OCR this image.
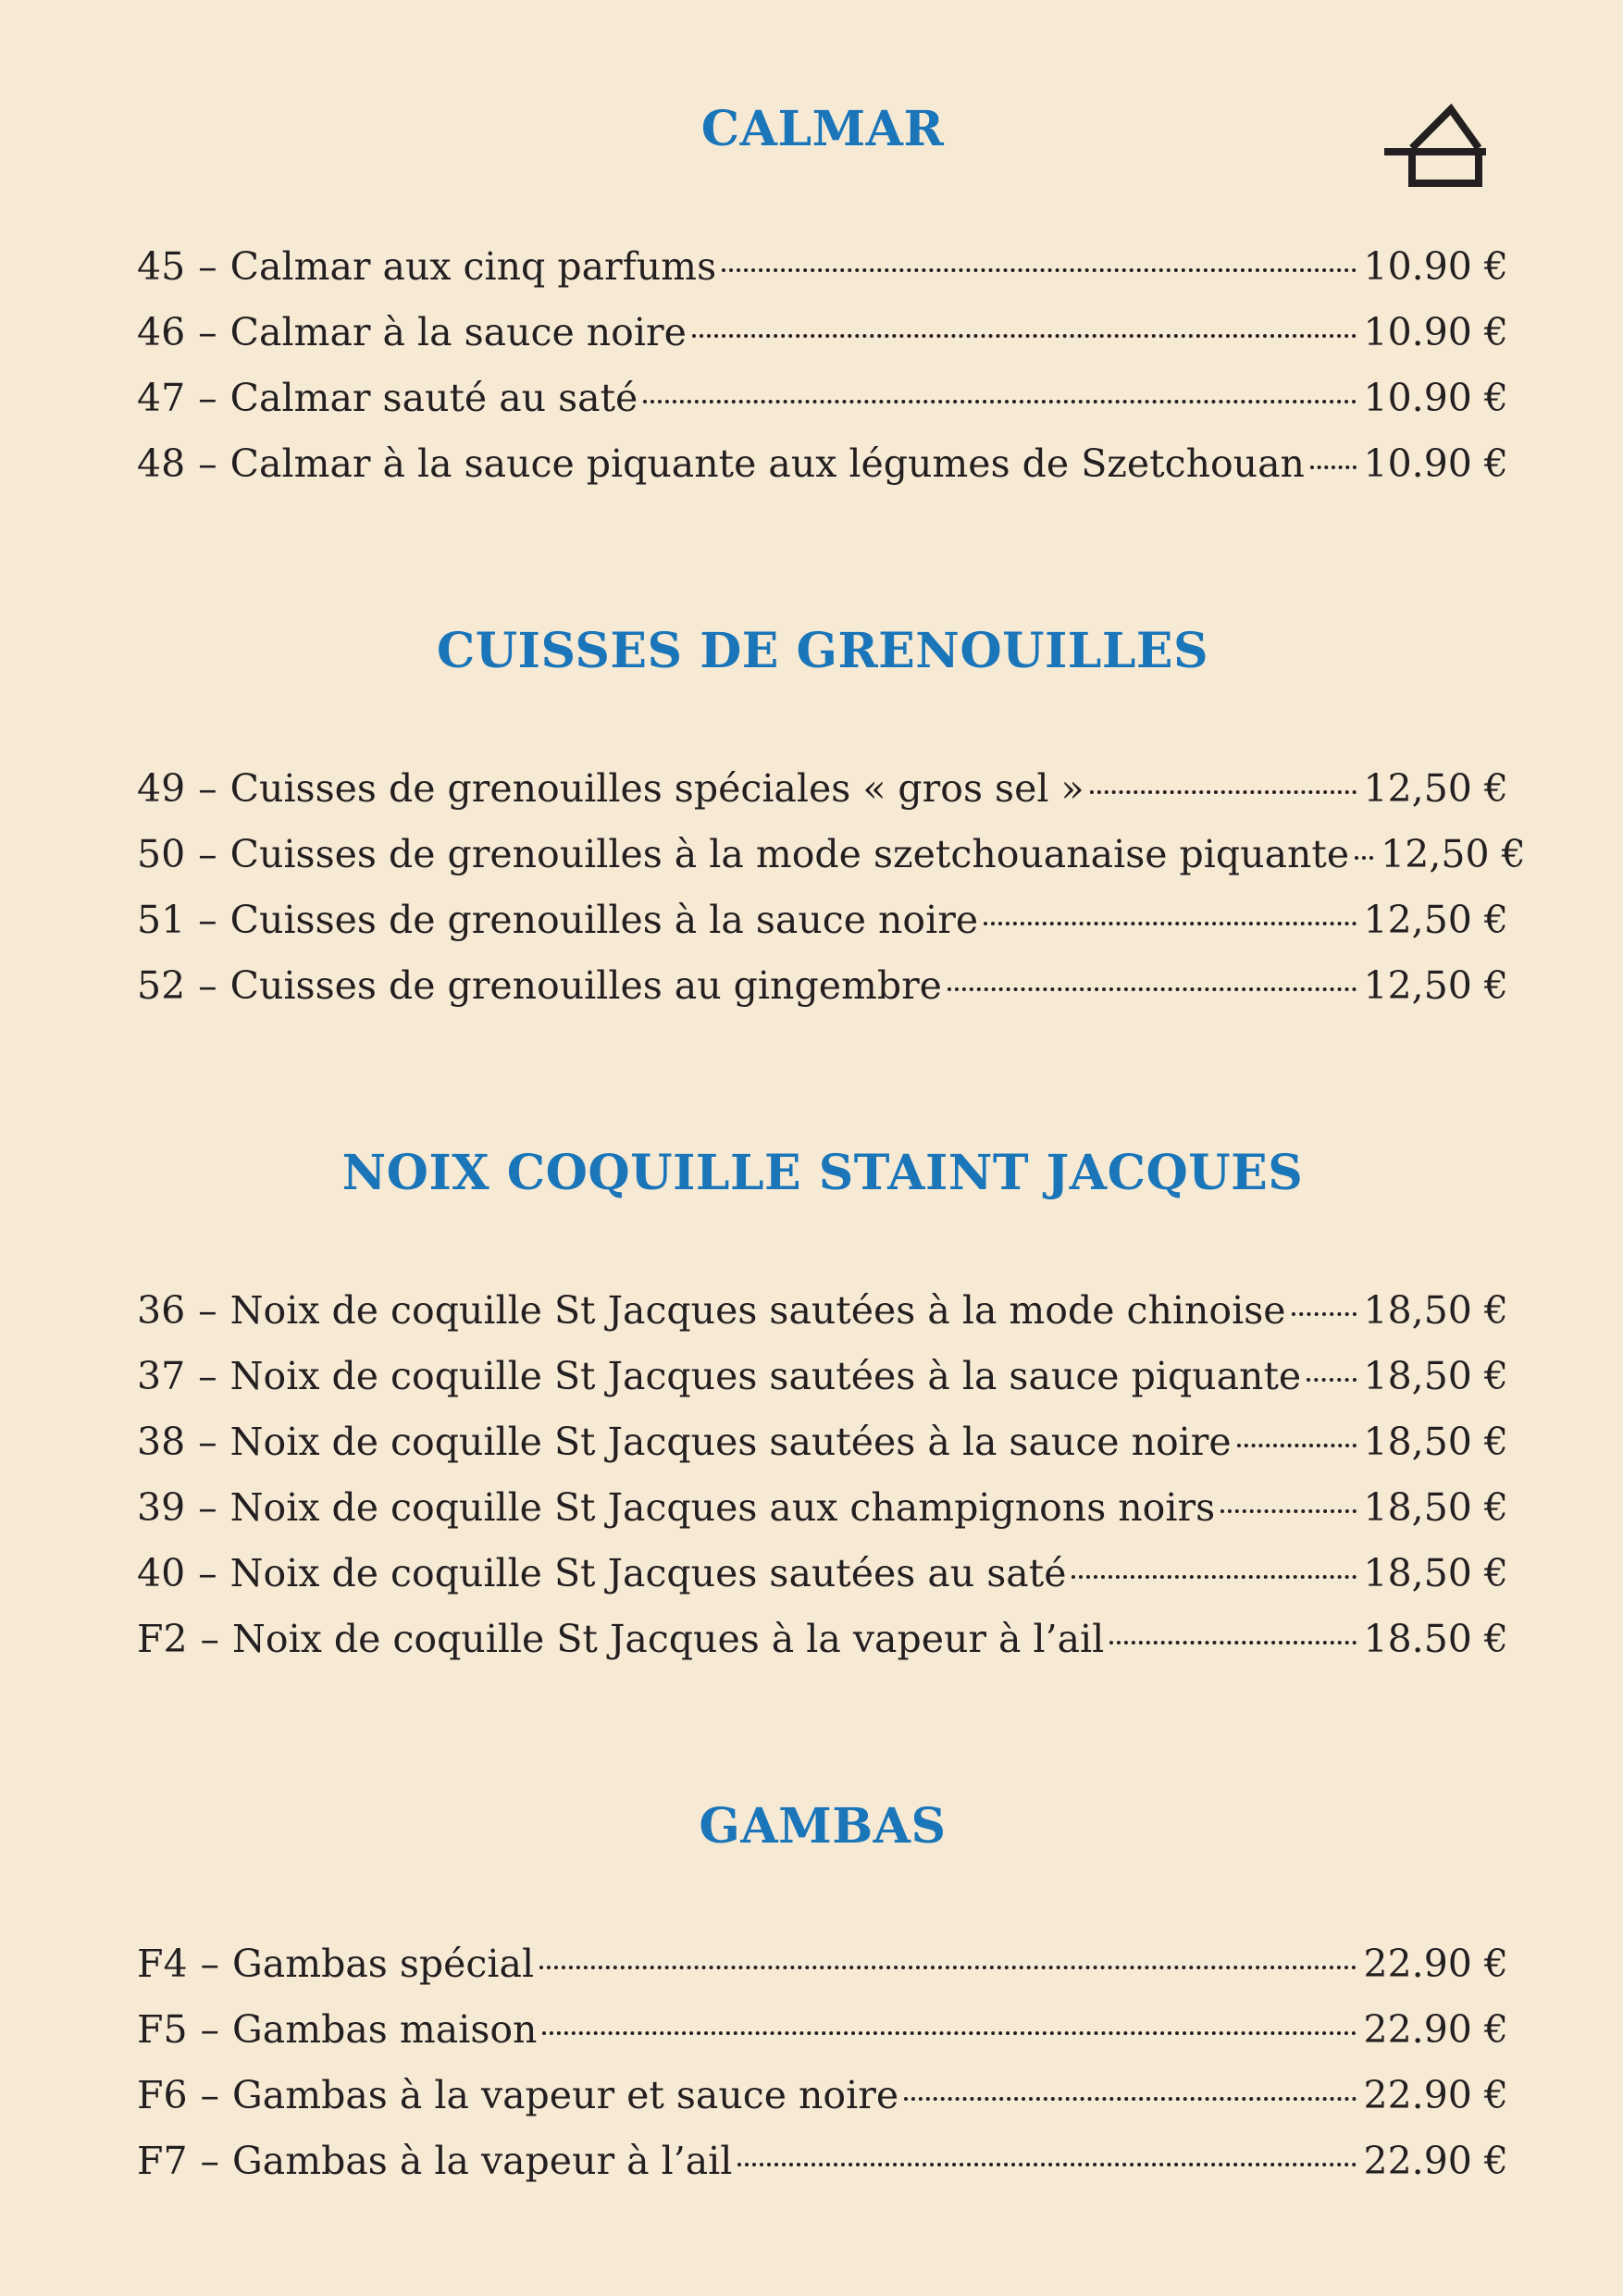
CALMAR
45 – Calmar aux cinq parfums	10.90 €
46 – Calmar à la sauce noire	10.90 €
47 – Calmar sauté au saté	10.90 €
48 – Calmar à la sauce piquante aux légumes de Szetchouan 10.90 €
CUISSES DE GRENOUILLES
49 – Cuisses de grenouilles spéciales « gros sel »	12,50 €
50 – Cuisses de grenouilles à la mode szetchouanaise piquante 12,50 €
51 – Cuisses de grenouilles à la sauce noire	12,50 €
52 – Cuisses de grenouilles au gingembre	12,50 €
NOIX COQUILLE STAINT JACQUES
36 – Noix de coquille St Jacques sautées à la mode chinoise 18,50 €
37 – Noix de coquille St Jacques sautées à la sauce piquante 18,50 €
38 – Noix de coquille St Jacques sautées à la sauce noire	18,50 €
39 – Noix de coquille St Jacques aux champignons noirs	18,50 €
40 – Noix de coquille St Jacques sautées au saté	18,50 €
F2 – Noix de coquille St Jacques à la vapeur à l’ail	18.50 €
GAMBAS
F4 – Gambas spécial	22.90 €
F5 – Gambas maison	22.90 €
F6 – Gambas à la vapeur et sauce noire	22.90 €
F7 – Gambas à la vapeur à l’ail	22.90 €
